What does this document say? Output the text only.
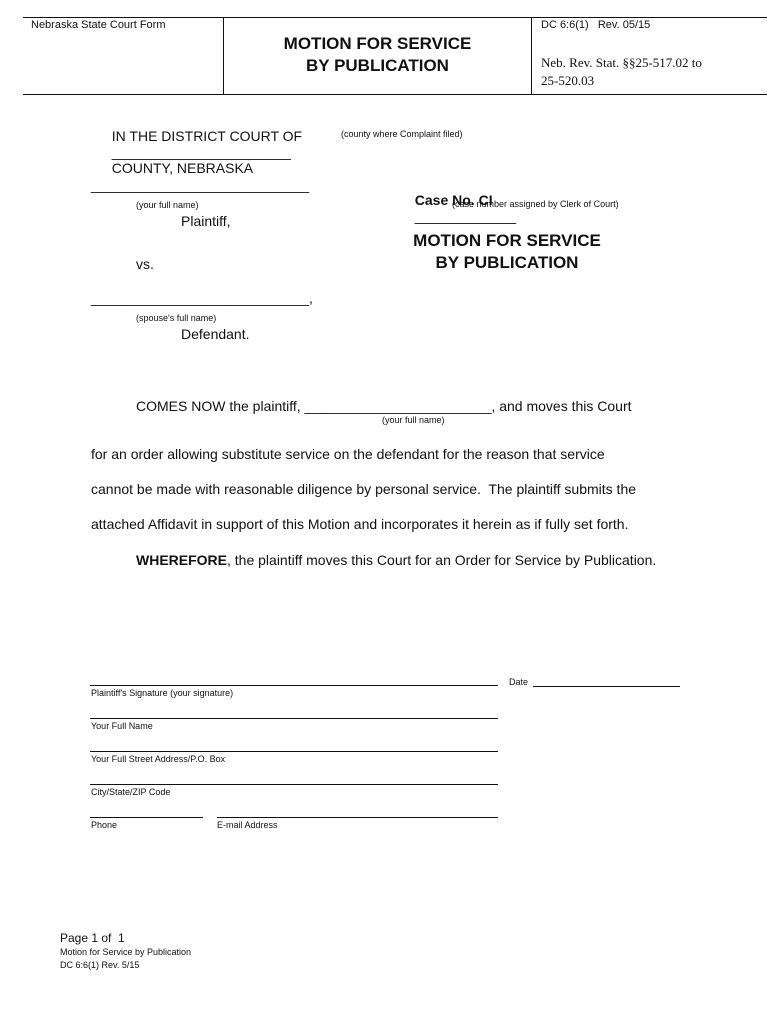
Nebraska State Court Form
MOTION FOR SERVICE
BY PUBLICATION
DC 6:6(1)   Rev. 05/15
Neb. Rev. Stat. §§25-517.02 to
25-520.03

IN THE DISTRICT COURT OF
_______________________
COUNTY, NEBRASKA

(county where Complaint filed)
____________________________
(your full name)
Plaintiff,
vs.
____________________________,
(spouse's full name)
Defendant.

Case No. CI
_____________

(case number assigned by Clerk of Court)
MOTION FOR SERVICE
BY PUBLICATION
COMES NOW the plaintiff, ________________________, and moves this Court
(your full name)
for an order allowing substitute service on the defendant for the reason that service
cannot be made with reasonable diligence by personal service.  The plaintiff submits the
attached Affidavit in support of this Motion and incorporates it herein as if fully set forth.
WHEREFORE, the plaintiff moves this Court for an Order for Service by Publication.
Plaintiff's Signature (your signature)
Date
Your Full Name
Your Full Street Address/P.O. Box
City/State/ZIP Code
Phone	E-mail Address
Page 1 of  1
Motion for Service by Publication
DC 6:6(1) Rev. 5/15
